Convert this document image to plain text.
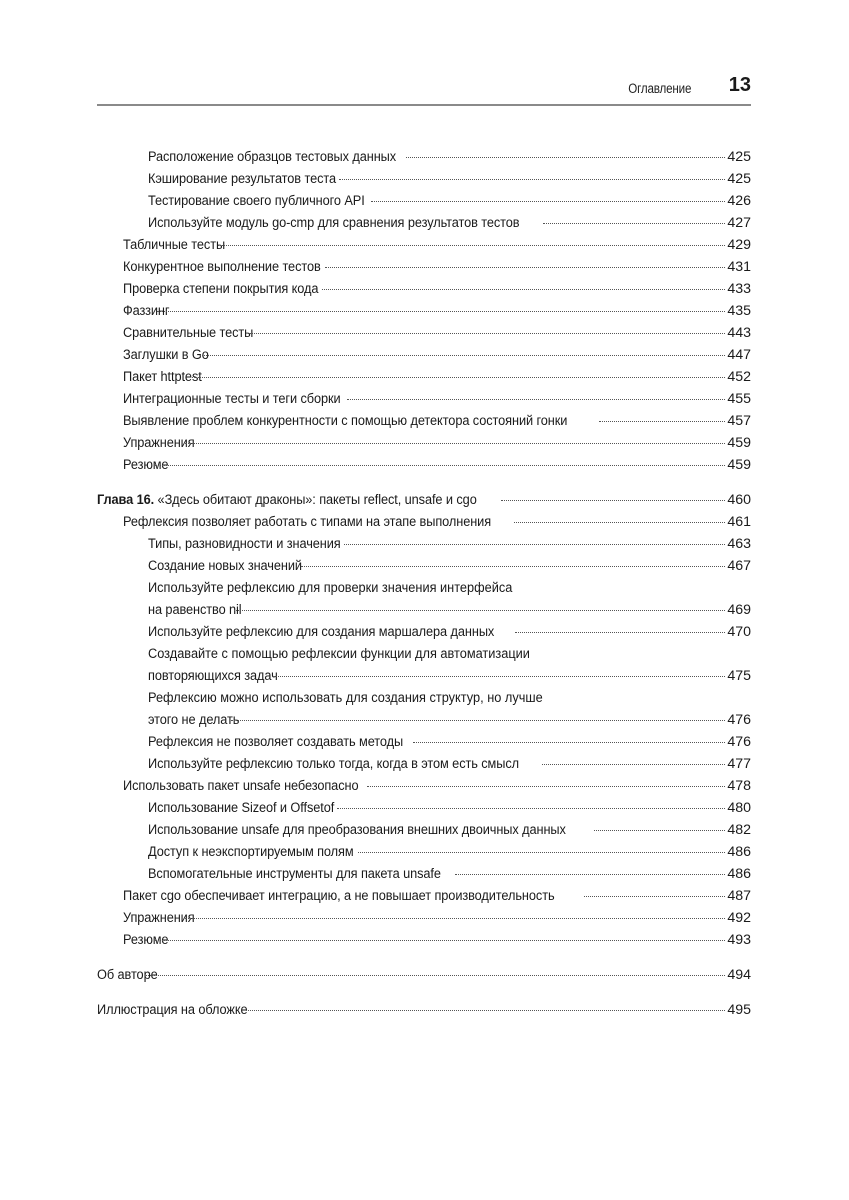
Оглавление 13
Расположение образцов тестовых данных	425
Кэширование результатов теста	425
Тестирование своего публичного API	426
Используйте модуль go-cmp для сравнения результатов тестов	427
Табличные тесты	429
Конкурентное выполнение тестов	431
Проверка степени покрытия кода	433
Фаззинг	435
Сравнительные тесты	443
Заглушки в Go	447
Пакет httptest	452
Интеграционные тесты и теги сборки	455
Выявление проблем конкурентности с помощью детектора состояний гонки	457
Упражнения	459
Резюме	459
Глава 16. «Здесь обитают драконы»: пакеты reflect, unsafe и cgo	460
Рефлексия позволяет работать с типами на этапе выполнения	461
Типы, разновидности и значения	463
Создание новых значений	467
Используйте рефлексию для проверки значения интерфейса
на равенство nil	469
Используйте рефлексию для создания маршалера данных	470
Создавайте с помощью рефлексии функции для автоматизации
повторяющихся задач	475
Рефлексию можно использовать для создания структур, но лучше
этого не делать	476
Рефлексия не позволяет создавать методы	476
Используйте рефлексию только тогда, когда в этом есть смысл	477
Использовать пакет unsafe небезопасно	478
Использование Sizeof и Offsetof	480
Использование unsafe для преобразования внешних двоичных данных	482
Доступ к неэкспортируемым полям	486
Вспомогательные инструменты для пакета unsafe	486
Пакет cgo обеспечивает интеграцию, а не повышает производительность	487
Упражнения	492
Резюме	493
Об авторе	494
Иллюстрация на обложке	495
